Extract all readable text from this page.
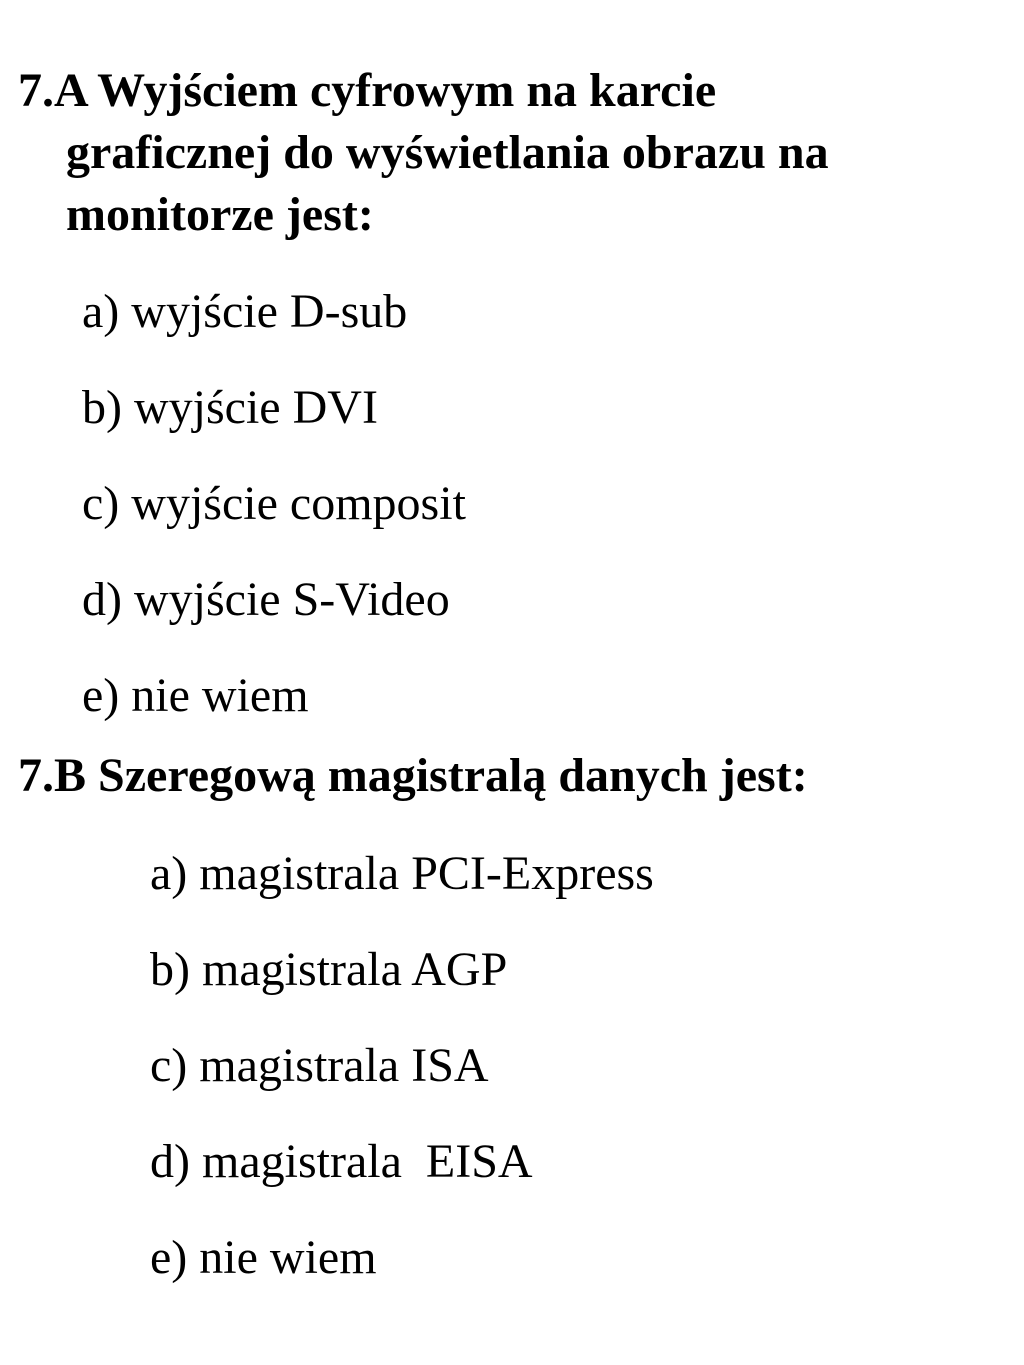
7.A Wyjściem cyfrowym na karcie
graficznej do wyświetlania obrazu na
monitorze jest:
a) wyjście D-sub
b) wyjście DVI
c) wyjście composit
d) wyjście S-Video
e) nie wiem
7.B Szeregową magistralą danych jest:
a) magistrala PCI-Express
b) magistrala AGP
c) magistrala ISA
d) magistrala  EISA
e) nie wiem
